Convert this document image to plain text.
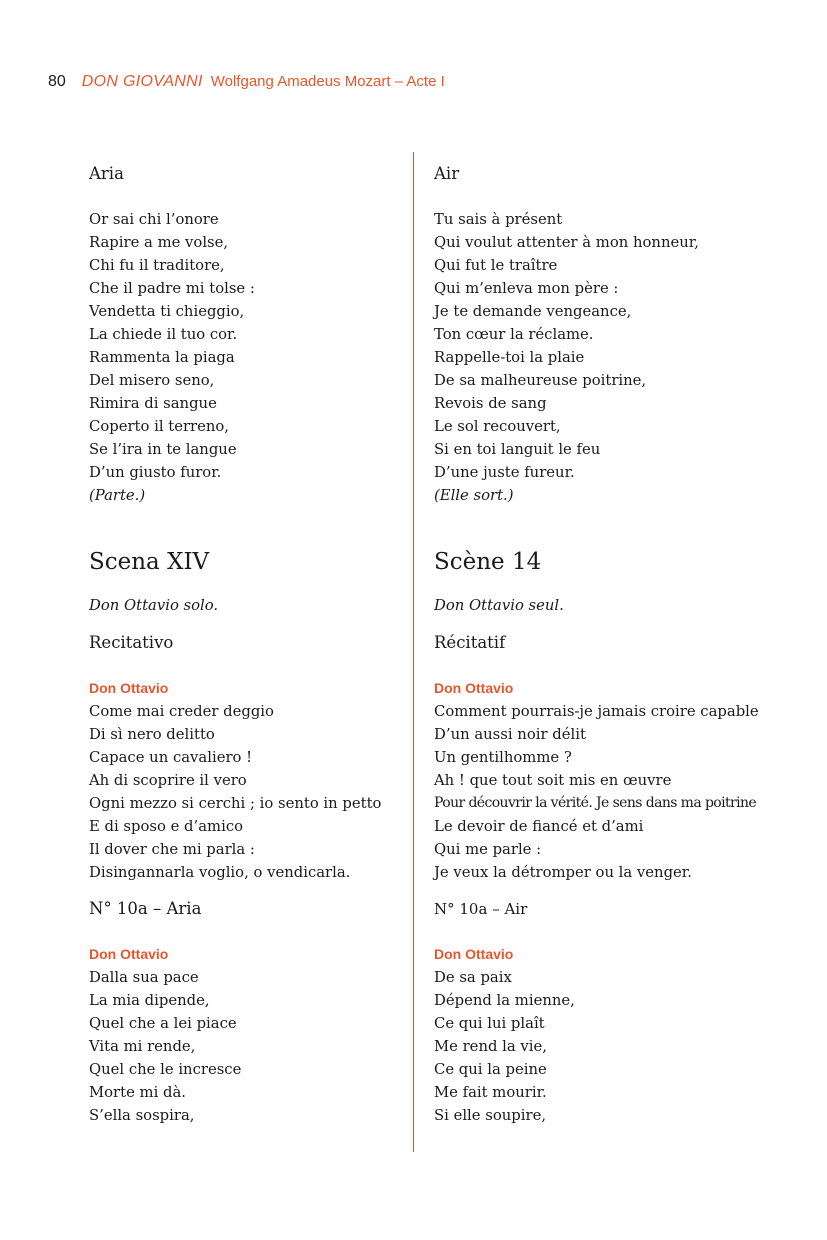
80 DON GIOVANNI Wolfgang Amadeus Mozart – Acte I
Aria
Or sai chi l’onore
Rapire a me volse,
Chi fu il traditore,
Che il padre mi tolse :
Vendetta ti chieggio,
La chiede il tuo cor.
Rammenta la piaga
Del misero seno,
Rimira di sangue
Coperto il terreno,
Se l’ira in te langue
D’un giusto furor.
(Parte.)
Scena XIV
Don Ottavio solo.
Recitativo
Don Ottavio
Come mai creder deggio
Di sì nero delitto
Capace un cavaliero !
Ah di scoprire il vero
Ogni mezzo si cerchi ; io sento in petto
E di sposo e d’amico
Il dover che mi parla :
Disingannarla voglio, o vendicarla.
N° 10a – Aria
Don Ottavio
Dalla sua pace
La mia dipende,
Quel che a lei piace
Vita mi rende,
Quel che le incresce
Morte mi dà.
S’ella sospira,
Air
Tu sais à présent
Qui voulut attenter à mon honneur,
Qui fut le traître
Qui m’enleva mon père :
Je te demande vengeance,
Ton cœur la réclame.
Rappelle-toi la plaie
De sa malheureuse poitrine,
Revois de sang
Le sol recouvert,
Si en toi languit le feu
D’une juste fureur.
(Elle sort.)
Scène 14
Don Ottavio seul.
Récitatif
Don Ottavio
Comment pourrais-je jamais croire capable
D’un aussi noir délit
Un gentilhomme ?
Ah ! que tout soit mis en œuvre
Pour découvrir la vérité. Je sens dans ma poitrine
Le devoir de fiancé et d’ami
Qui me parle :
Je veux la détromper ou la venger.
N° 10a – Air
Don Ottavio
De sa paix
Dépend la mienne,
Ce qui lui plaît
Me rend la vie,
Ce qui la peine
Me fait mourir.
Si elle soupire,
